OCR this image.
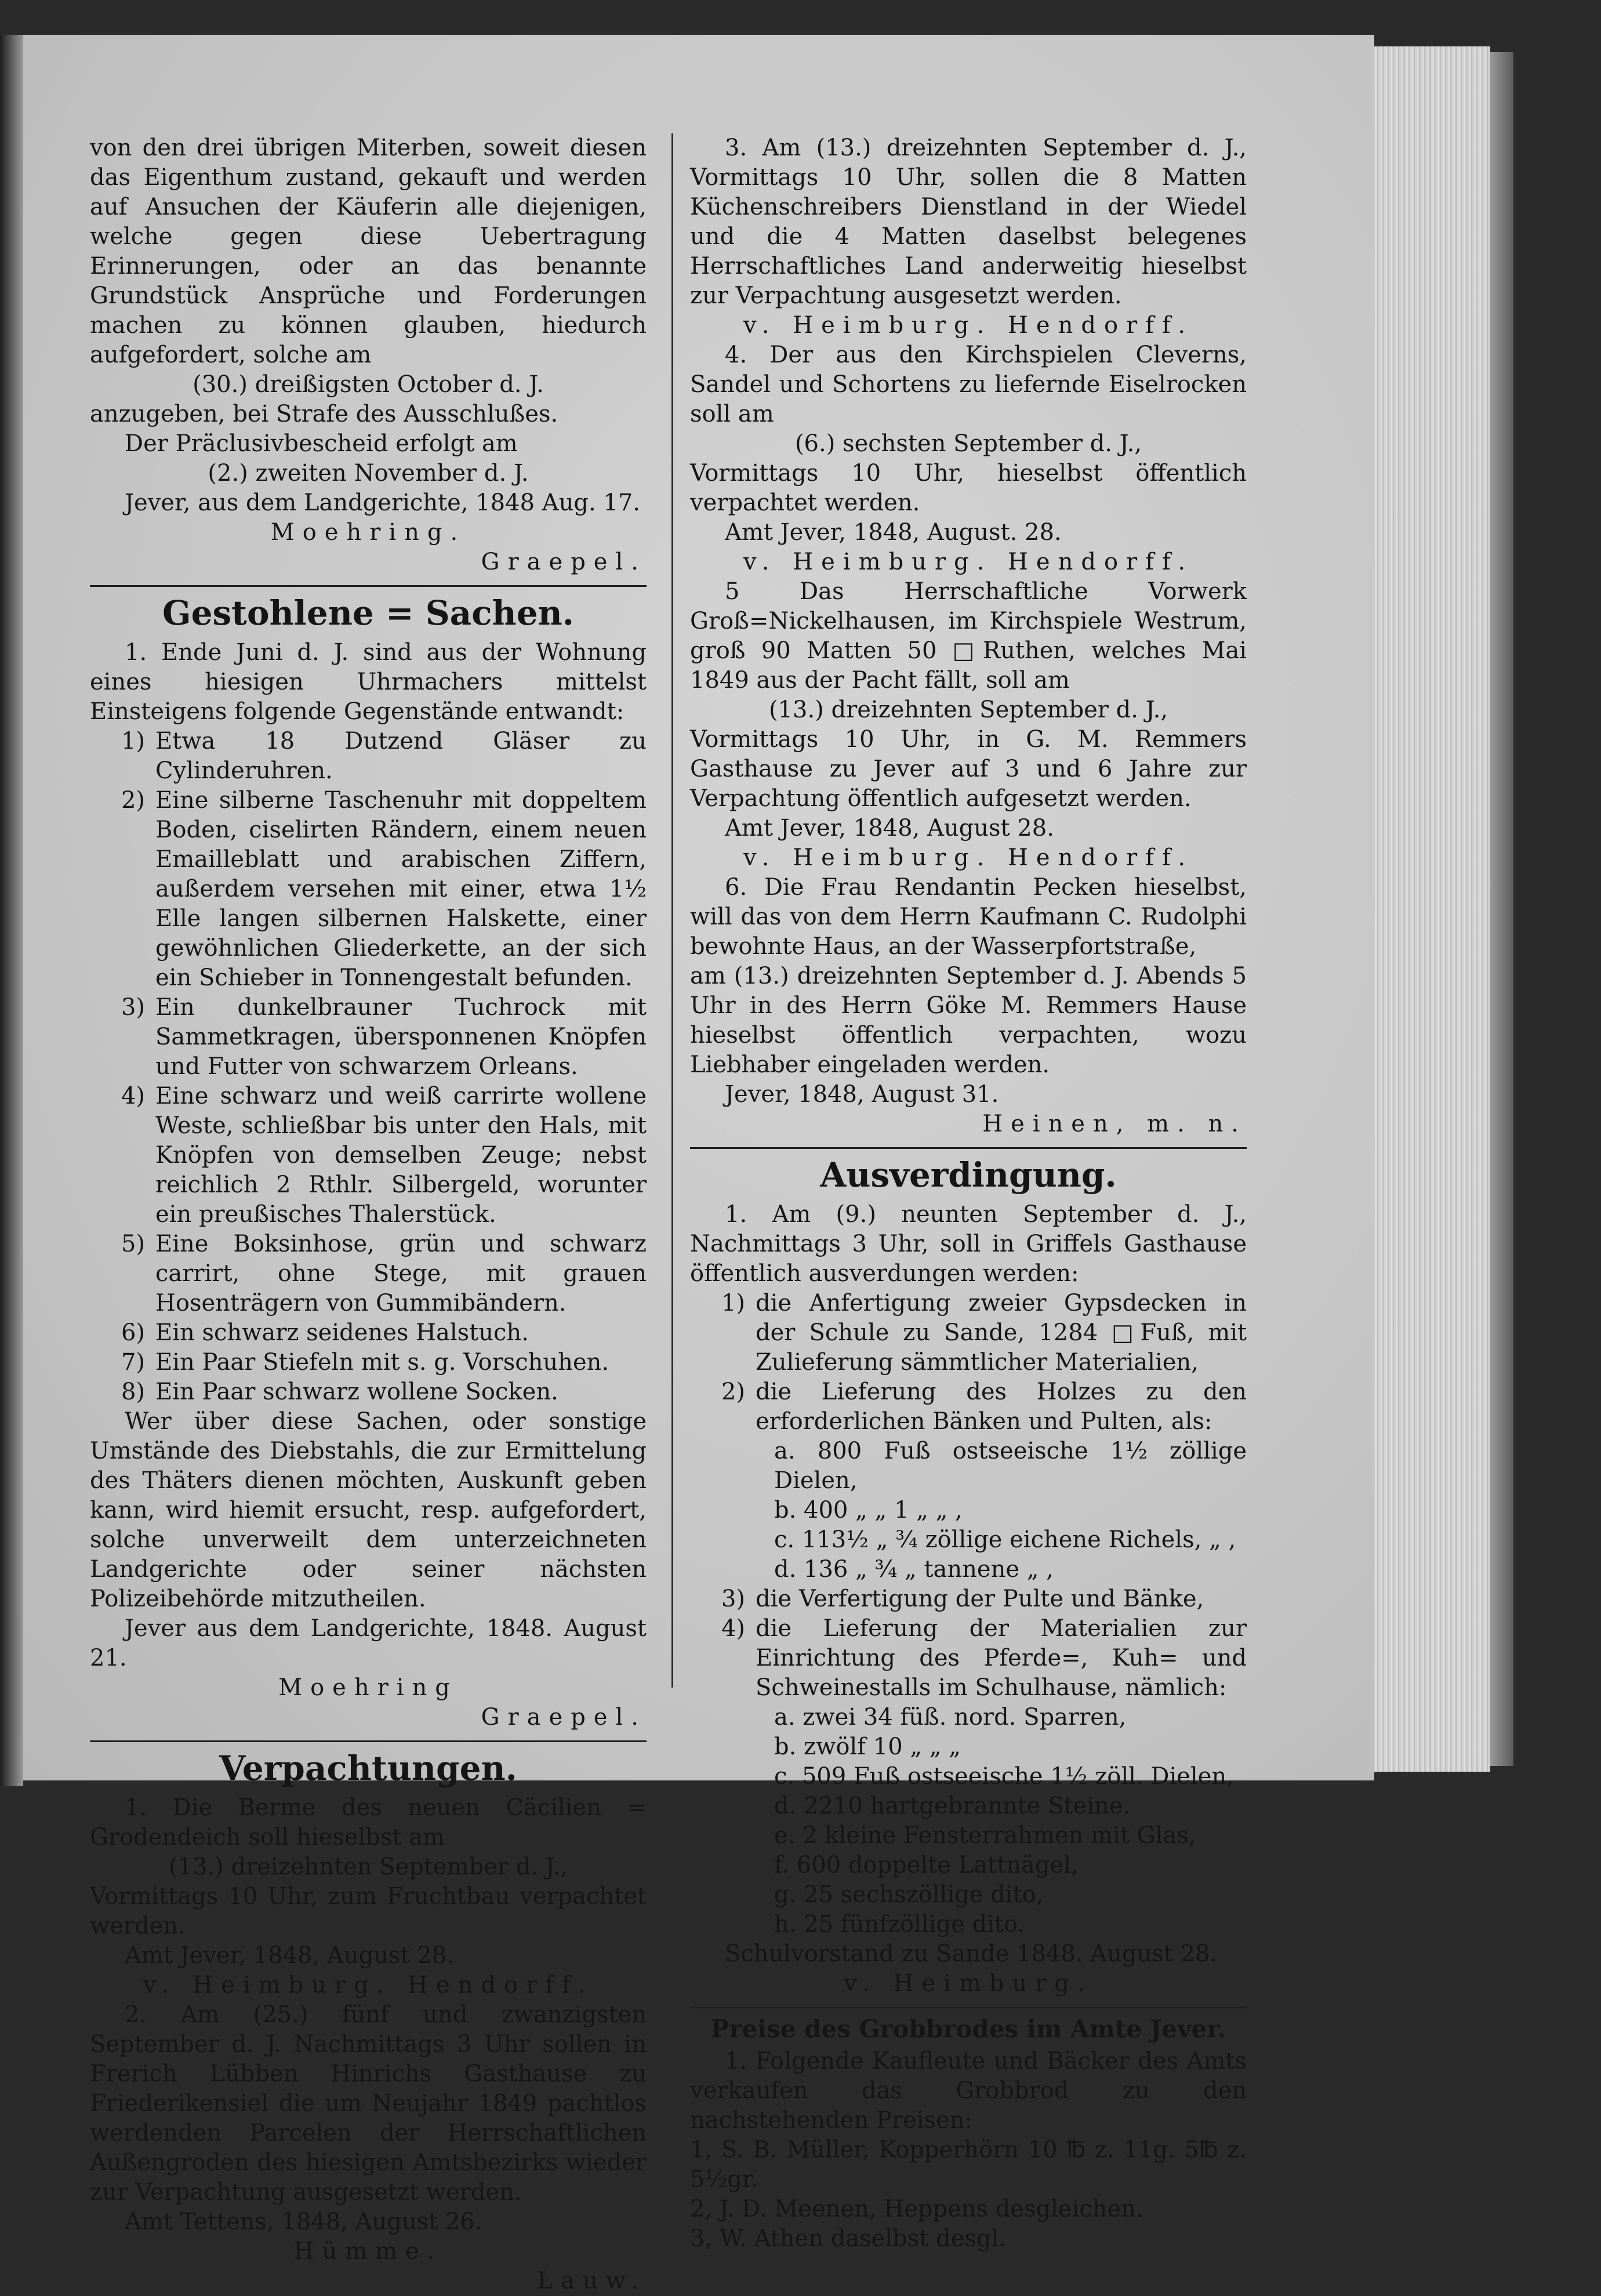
von den drei übrigen Miterben, soweit diesen das Eigenthum zustand, gekauft und werden auf Ansuchen der Käuferin alle diejenigen, welche gegen diese Uebertragung Erinnerungen, oder an das benannte Grundstück Ansprüche und Forderungen machen zu können glauben, hiedurch aufgefordert, solche am

(30.) dreißigsten October d. J.

anzugeben, bei Strafe des Ausschlußes.

Der Präclusivbescheid erfolgt am

(2.) zweiten November d. J.

Jever, aus dem Landgerichte, 1848 Aug. 17.

Moehring.

Graepel.

Gestohlene = Sachen.

1. Ende Juni d. J. sind aus der Wohnung eines hiesigen Uhrmachers mittelst Einsteigens folgende Gegenstände entwandt:

1) Etwa 18 Dutzend Gläser zu Cylinderuhren.
2) Eine silberne Taschenuhr mit doppeltem Boden, ciselirten Rändern, einem neuen Emailleblatt und arabischen Ziffern, außerdem versehen mit einer, etwa 1½ Elle langen silbernen Halskette, einer gewöhnlichen Gliederkette, an der sich ein Schieber in Tonnengestalt befunden.
3) Ein dunkelbrauner Tuchrock mit Sammetkragen, übersponnenen Knöpfen und Futter von schwarzem Orleans.
4) Eine schwarz und weiß carrirte wollene Weste, schließbar bis unter den Hals, mit Knöpfen von demselben Zeuge; nebst reichlich 2 Rthlr. Silbergeld, worunter ein preußisches Thalerstück.
5) Eine Boksinhose, grün und schwarz carrirt, ohne Stege, mit grauen Hosenträgern von Gummibändern.
6) Ein schwarz seidenes Halstuch.
7) Ein Paar Stiefeln mit s. g. Vorschuhen.
8) Ein Paar schwarz wollene Socken.

Wer über diese Sachen, oder sonstige Umstände des Diebstahls, die zur Ermittelung des Thäters dienen möchten, Auskunft geben kann, wird hiemit ersucht, resp. aufgefordert, solche unverweilt dem unterzeichneten Landgerichte oder seiner nächsten Polizeibehörde mitzutheilen.

Jever aus dem Landgerichte, 1848. August 21.

Moehring

Graepel.

Verpachtungen.

1. Die Berme des neuen Cäcilien = Grodendeich soll hieselbst am

(13.) dreizehnten September d. J.,

Vormittags 10 Uhr, zum Fruchtbau verpachtet werden.

Amt Jever, 1848, August 28.

v. Heimburg. Hendorff.

2. Am (25.) fünf und zwanzigsten September d. J. Nachmittags 3 Uhr sollen in Frerich Lübben Hinrichs Gasthause zu Friederikensiel die um Neujahr 1849 pachtlos werdenden Parcelen der Herrschaftlichen Außengroden des hiesigen Amtsbezirks wieder zur Verpachtung ausgesetzt werden.

Amt Tettens, 1848, August 26.

Hümme.

Lauw.

3. Am (13.) dreizehnten September d. J., Vormittags 10 Uhr, sollen die 8 Matten Küchenschreibers Dienstland in der Wiedel und die 4 Matten daselbst belegenes Herrschaftliches Land anderweitig hieselbst zur Verpachtung ausgesetzt werden.

v. Heimburg. Hendorff.

4. Der aus den Kirchspielen Cleverns, Sandel und Schortens zu liefernde Eiselrocken soll am

(6.) sechsten September d. J.,

Vormittags 10 Uhr, hieselbst öffentlich verpachtet werden.

Amt Jever, 1848, August. 28.

v. Heimburg. Hendorff.

5 Das Herrschaftliche Vorwerk Groß=Nickelhausen, im Kirchspiele Westrum, groß 90 Matten 50 □Ruthen, welches Mai 1849 aus der Pacht fällt, soll am

(13.) dreizehnten September d. J.,

Vormittags 10 Uhr, in G. M. Remmers Gasthause zu Jever auf 3 und 6 Jahre zur Verpachtung öffentlich aufgesetzt werden.

Amt Jever, 1848, August 28.

v. Heimburg. Hendorff.

6. Die Frau Rendantin Pecken hieselbst, will das von dem Herrn Kaufmann C. Rudolphi bewohnte Haus, an der Wasserpfortstraße,

am (13.) dreizehnten September d. J. Abends 5 Uhr in des Herrn Göke M. Remmers Hause hieselbst öffentlich verpachten, wozu Liebhaber eingeladen werden.

Jever, 1848, August 31.

Heinen, m. n.

Ausverdingung.

1. Am (9.) neunten September d. J., Nachmittags 3 Uhr, soll in Griffels Gasthause öffentlich ausverdungen werden:

1) die Anfertigung zweier Gypsdecken in der Schule zu Sande, 1284 □Fuß, mit Zulieferung sämmtlicher Materialien,
2) die Lieferung des Holzes zu den erforderlichen Bänken und Pulten, als:

a. 800 Fuß ostseeische 1½ zöllige Dielen,

b. 400 „ „ 1 „ „ ,

c. 113½ „ ¾ zöllige eichene Richels, „ ,

d. 136 „ ¾ „ tannene „ ,

3) die Verfertigung der Pulte und Bänke,
4) die Lieferung der Materialien zur Einrichtung des Pferde=, Kuh= und Schweinestalls im Schulhause, nämlich:

a. zwei 34 füß. nord. Sparren,

b. zwölf 10 „ „ „

c. 509 Fuß ostseeische 1½ zöll. Dielen,

d. 2210 hartgebrannte Steine.

e. 2 kleine Fensterrahmen mit Glas,

f. 600 doppelte Lattnägel,

g. 25 sechszöllige dito,

h. 25 fünfzöllige dito.

Schulvorstand zu Sande 1848. August 28.

v. Heimburg.

Preise des Grobbrodes im Amte Jever.

1. Folgende Kaufleute und Bäcker des Amts verkaufen das Grobbrod zu den nachstehenden Preisen:

1, S. B. Müller, Kopperhörn 10 ℔ z. 11g. 5℔ z. 5½gr.

2, J. D. Meenen, Heppens desgleichen.

3, W. Athen daselbst desgl.
